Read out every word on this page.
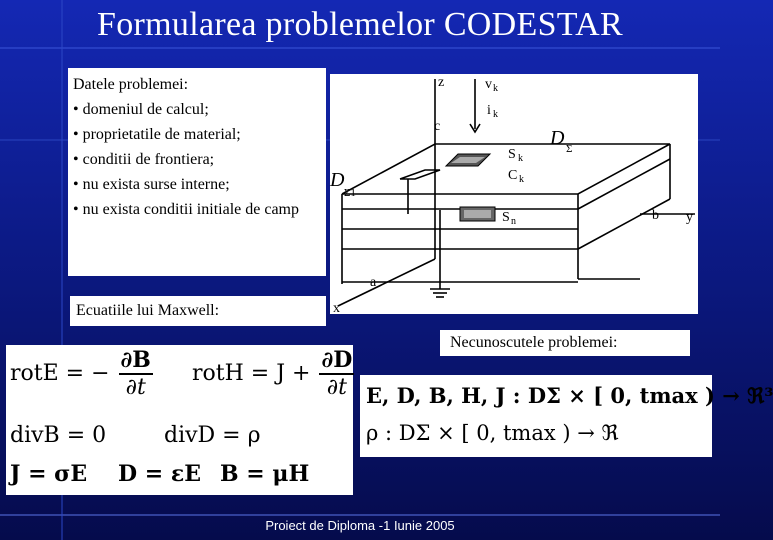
Formularea problemelor CODESTAR
Datele problemei:
• domeniul de calcul;
• proprietatile de material;
• conditii de frontiera;
• nu exista surse interne;
• nu exista conditii initiale de camp
Ecuatiile lui Maxwell:
z	v k
i k
c
D Σ
S k
C k
D
Σ1
S n	b y
a
x
Necunoscutele problemei:
rotE = − $\frac{\partial B}{\partial t}$ rotH = $J + \frac{\partial D}{\partial t}$
divB = 0	divD = ρ
J = σE D = εE B = μH
E, D, B, H, J : DΣ × [ 0, tmax ) → ℜ³
ρ : DΣ × [ 0, tmax ) → ℜ
Proiect de Diploma -1 Iunie 2005
